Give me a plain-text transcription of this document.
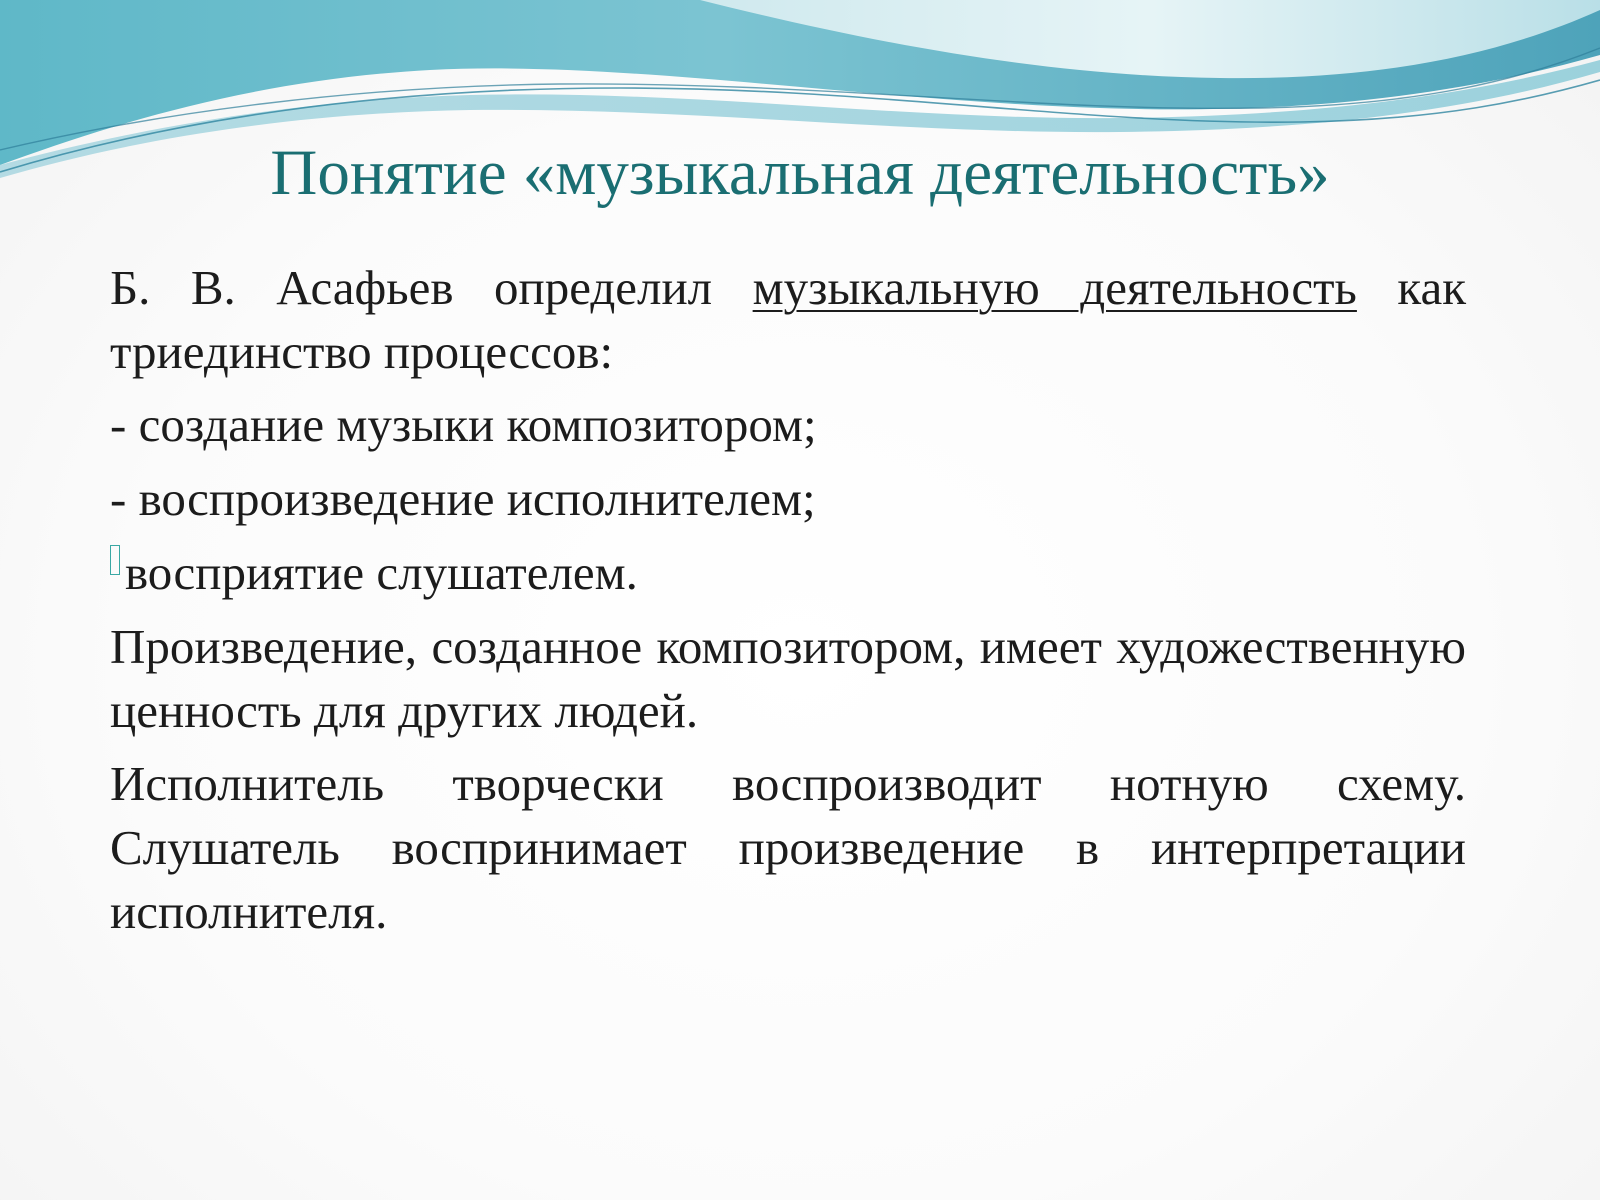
Понятие «музыкальная деятельность»

Б. В. Асафьев определил музыкальную деятельность как триединство процессов:

- создание музыки композитором;

- воспроизведение исполнителем;

восприятие слушателем.

Произведение, созданное композитором, имеет художественную ценность для других людей.

Исполнитель творчески воспроизводит нотную схему. Слушатель воспринимает произведение в интерпретации исполнителя.
